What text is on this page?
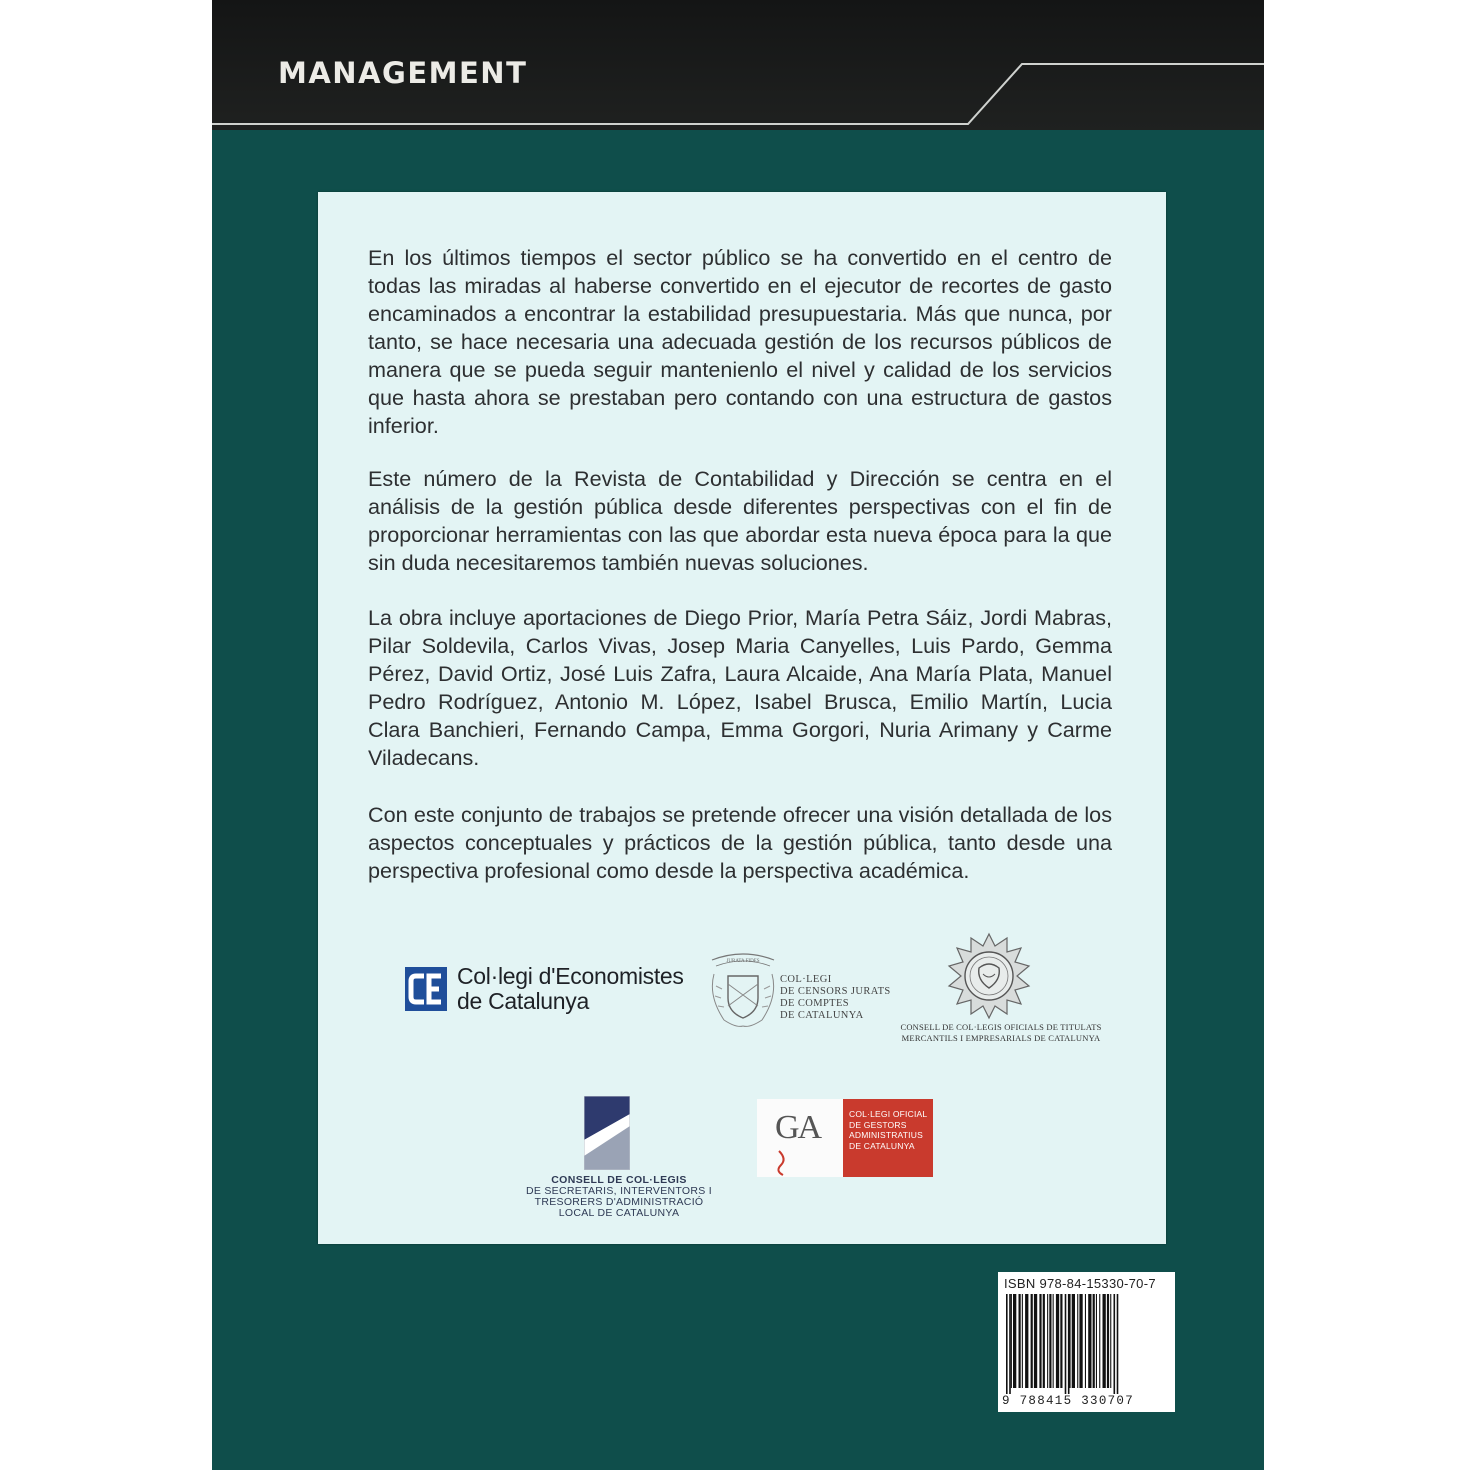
MANAGEMENT

En los últimos tiempos el sector público se ha convertido en el centro de todas las miradas al haberse convertido en el ejecutor de recortes de gasto encaminados a encontrar la estabilidad presupuestaria. Más que nunca, por tanto, se hace necesaria una adecuada gestión de los recursos públicos de manera que se pueda seguir mantenienlo el nivel y calidad de los servicios que hasta ahora se prestaban pero contando con una estructura de gastos inferior.

Este número de la Revista de Contabilidad y Dirección se centra en el análisis de la gestión pública desde diferentes perspectivas con el fin de proporcionar herramientas con las que abordar esta nueva época para la que sin duda necesitaremos también nuevas soluciones.

La obra incluye aportaciones de Diego Prior, María Petra Sáiz, Jordi Mabras, Pilar Soldevila, Carlos Vivas, Josep Maria Canyelles, Luis Pardo, Gemma Pérez, David Ortiz, José Luis Zafra, Laura Alcaide, Ana María Plata, Manuel Pedro Rodríguez, Antonio M. López, Isabel Brusca, Emilio Martín, Lucia Clara Banchieri, Fernando Campa, Emma Gorgori, Nuria Arimany y Carme Viladecans.

Con este conjunto de trabajos se pretende ofrecer una visión detallada de los aspectos conceptuales y prácticos de la gestión pública, tanto desde una perspectiva profesional como desde la perspectiva académica.

Col·legi d'Economistes
de Catalunya
JURATA FIDES
COL·LEGI
DE CENSORS JURATS
DE COMPTES
DE CATALUNYA
CONSELL DE COL·LEGIS OFICIALS DE TITULATS
MERCANTILS I EMPRESARIALS DE CATALUNYA
CONSELL DE COL·LEGIS
DE SECRETARIS, INTERVENTORS I
TRESORERS D'ADMINISTRACIÓ
LOCAL DE CATALUNYA
GA	COL·LEGI OFICIAL
DE GESTORS
ADMINISTRATIUS
DE CATALUNYA
ISBN 978-84-15330-70-7
9 788415 330707
